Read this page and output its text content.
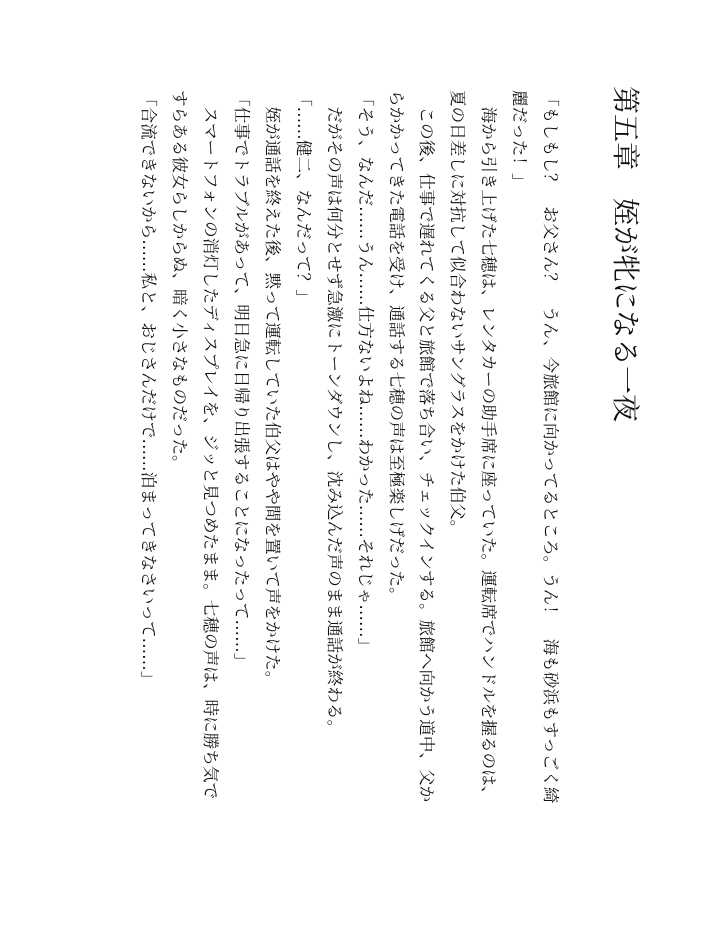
第五章　姪が牝になる一夜
「もしもし？　お父さん？　うん、今旅館に向かってるところ。うん！　海も砂浜もすっごく綺
麗だった！」
　海から引き上げた七穂は、レンタカーの助手席に座っていた。運転席でハンドルを握るのは、
夏の日差しに対抗して似合わないサングラスをかけた伯父。
　この後、仕事で遅れてくる父と旅館で落ち合い、チェックインする。旅館へ向かう道中、父か
らかかってきた電話を受け、通話する七穂の声は至極楽しげだった。
「そう、なんだ……うん……仕方ないよね……わかった……それじゃ……」
　だがその声は何分とせず急激にトーンダウンし、沈み込んだ声のまま通話が終わる。
「……健二、なんだって？」
　姪が通話を終えた後、黙って運転していた伯父はやや間を置いて声をかけた。
「仕事でトラブルがあって、明日急に日帰り出張することになったって……」
　スマートフォンの消灯したディスプレイを、ジッと見つめたまま。七穂の声は、時に勝ち気で
すらある彼女らしからぬ、暗く小さなものだった。
「合流できないから……私と、おじさんだけで……泊まってきなさいって……」
